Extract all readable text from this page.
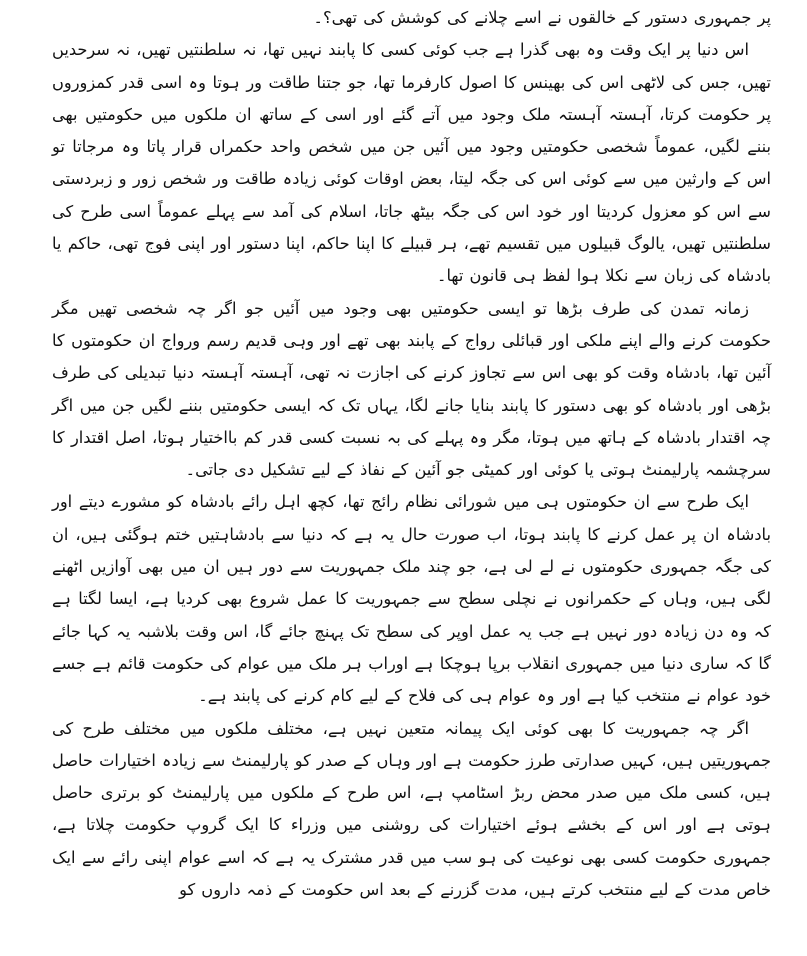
پر جمہوری دستور کے خالقوں نے اسے چلانے کی کوشش کی تھی؟۔

اس دنیا پر ایک وقت وہ بھی گذرا ہے جب کوئی کسی کا پابند نہیں تھا، نہ سلطنتیں تھیں، نہ سرحدیں تھیں، جس کی لاٹھی اس کی بھینس کا اصول کارفرما تھا، جو جتنا طاقت ور ہوتا وہ اسی قدر کمزوروں پر حکومت کرتا، آہستہ آہستہ ملک وجود میں آتے گئے اور اسی کے ساتھ ان ملکوں میں حکومتیں بھی بننے لگیں، عموماً شخصی حکومتیں وجود میں آئیں جن میں شخص واحد حکمراں قرار پاتا وہ مرجاتا تو اس کے وارثین میں سے کوئی اس کی جگہ لیتا، بعض اوقات کوئی زیادہ طاقت ور شخص زور و زبردستی سے اس کو معزول کردیتا اور خود اس کی جگہ بیٹھ جاتا، اسلام کی آمد سے پہلے عموماً اسی طرح کی سلطنتیں تھیں، یالوگ قبیلوں میں تقسیم تھے، ہر قبیلے کا اپنا حاکم، اپنا دستور اور اپنی فوج تھی، حاکم یا بادشاہ کی زبان سے نکلا ہوا لفظ ہی قانون تھا۔

زمانہ تمدن کی طرف بڑھا تو ایسی حکومتیں بھی وجود میں آئیں جو اگر چہ شخصی تھیں مگر حکومت کرنے والے اپنے ملکی اور قبائلی رواج کے پابند بھی تھے اور وہی قدیم رسم ورواج ان حکومتوں کا آئین تھا، بادشاہ وقت کو بھی اس سے تجاوز کرنے کی اجازت نہ تھی، آہستہ آہستہ دنیا تبدیلی کی طرف بڑھی اور بادشاہ کو بھی دستور کا پابند بنایا جانے لگا، یہاں تک کہ ایسی حکومتیں بننے لگیں جن میں اگر چہ اقتدار بادشاہ کے ہاتھ میں ہوتا، مگر وہ پہلے کی بہ نسبت کسی قدر کم بااختیار ہوتا، اصل اقتدار کا سرچشمہ پارلیمنٹ ہوتی یا کوئی اور کمیٹی جو آئین کے نفاذ کے لیے تشکیل دی جاتی۔

ایک طرح سے ان حکومتوں ہی میں شورائی نظام رائج تھا، کچھ اہل رائے بادشاہ کو مشورے دیتے اور بادشاہ ان پر عمل کرنے کا پابند ہوتا، اب صورت حال یہ ہے کہ دنیا سے بادشاہتیں ختم ہوگئی ہیں، ان کی جگہ جمہوری حکومتوں نے لے لی ہے، جو چند ملک جمہوریت سے دور ہیں ان میں بھی آوازیں اٹھنے لگی ہیں، وہاں کے حکمرانوں نے نچلی سطح سے جمہوریت کا عمل شروع بھی کردیا ہے، ایسا لگتا ہے کہ وہ دن زیادہ دور نہیں ہے جب یہ عمل اوپر کی سطح تک پہنچ جائے گا، اس وقت بلاشبہ یہ کہا جائے گا کہ ساری دنیا میں جمہوری انقلاب برپا ہوچکا ہے اوراب ہر ملک میں عوام کی حکومت قائم ہے جسے خود عوام نے منتخب کیا ہے اور وہ عوام ہی کی فلاح کے لیے کام کرنے کی پابند ہے۔

اگر چہ جمہوریت کا بھی کوئی ایک پیمانہ متعین نہیں ہے، مختلف ملکوں میں مختلف طرح کی جمہوریتیں ہیں، کہیں صدارتی طرز حکومت ہے اور وہاں کے صدر کو پارلیمنٹ سے زیادہ اختیارات حاصل ہیں، کسی ملک میں صدر محض ربڑ اسٹامپ ہے، اس طرح کے ملکوں میں پارلیمنٹ کو برتری حاصل ہوتی ہے اور اس کے بخشے ہوئے اختیارات کی روشنی میں وزراء کا ایک گروپ حکومت چلاتا ہے، جمہوری حکومت کسی بھی نوعیت کی ہو سب میں قدر مشترک یہ ہے کہ اسے عوام اپنی رائے سے ایک خاص مدت کے لیے منتخب کرتے ہیں، مدت گزرنے کے بعد اس حکومت کے ذمہ داروں کو
